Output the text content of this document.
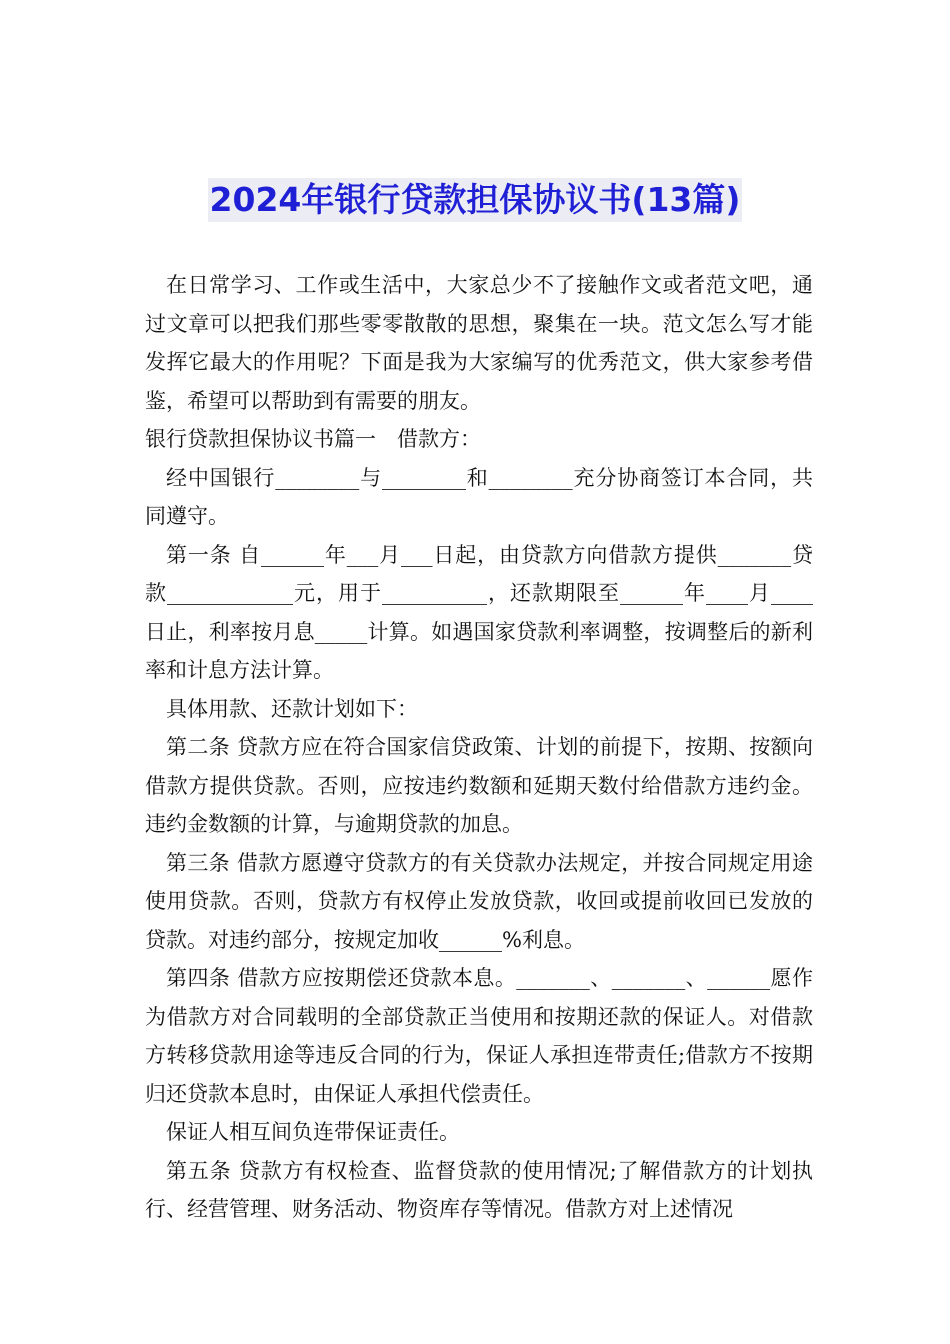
2024年银行贷款担保协议书(13篇)

在日常学习、工作或生活中，大家总少不了接触作文或者范文吧，通过文章可以把我们那些零零散散的思想，聚集在一块。范文怎么写才能发挥它最大的作用呢？下面是我为大家编写的优秀范文，供大家参考借鉴，希望可以帮助到有需要的朋友。

银行贷款担保协议书篇一　借款方：

经中国银行________与________和________充分协商签订本合同，共同遵守。

第一条 自______年___月___日起，由贷款方向借款方提供_______贷款____________元，用于__________，还款期限至______年____月____日止，利率按月息_____计算。如遇国家贷款利率调整，按调整后的新利率和计息方法计算。

具体用款、还款计划如下：

第二条 贷款方应在符合国家信贷政策、计划的前提下，按期、按额向借款方提供贷款。否则，应按违约数额和延期天数付给借款方违约金。违约金数额的计算，与逾期贷款的加息。

第三条 借款方愿遵守贷款方的有关贷款办法规定，并按合同规定用途使用贷款。否则，贷款方有权停止发放贷款，收回或提前收回已发放的贷款。对违约部分，按规定加收______%利息。

第四条 借款方应按期偿还贷款本息。_______、_______、______愿作为借款方对合同载明的全部贷款正当使用和按期还款的保证人。对借款方转移贷款用途等违反合同的行为，保证人承担连带责任;借款方不按期归还贷款本息时，由保证人承担代偿责任。

保证人相互间负连带保证责任。

第五条 贷款方有权检查、监督贷款的使用情况;了解借款方的计划执行、经营管理、财务活动、物资库存等情况。借款方对上述情况
